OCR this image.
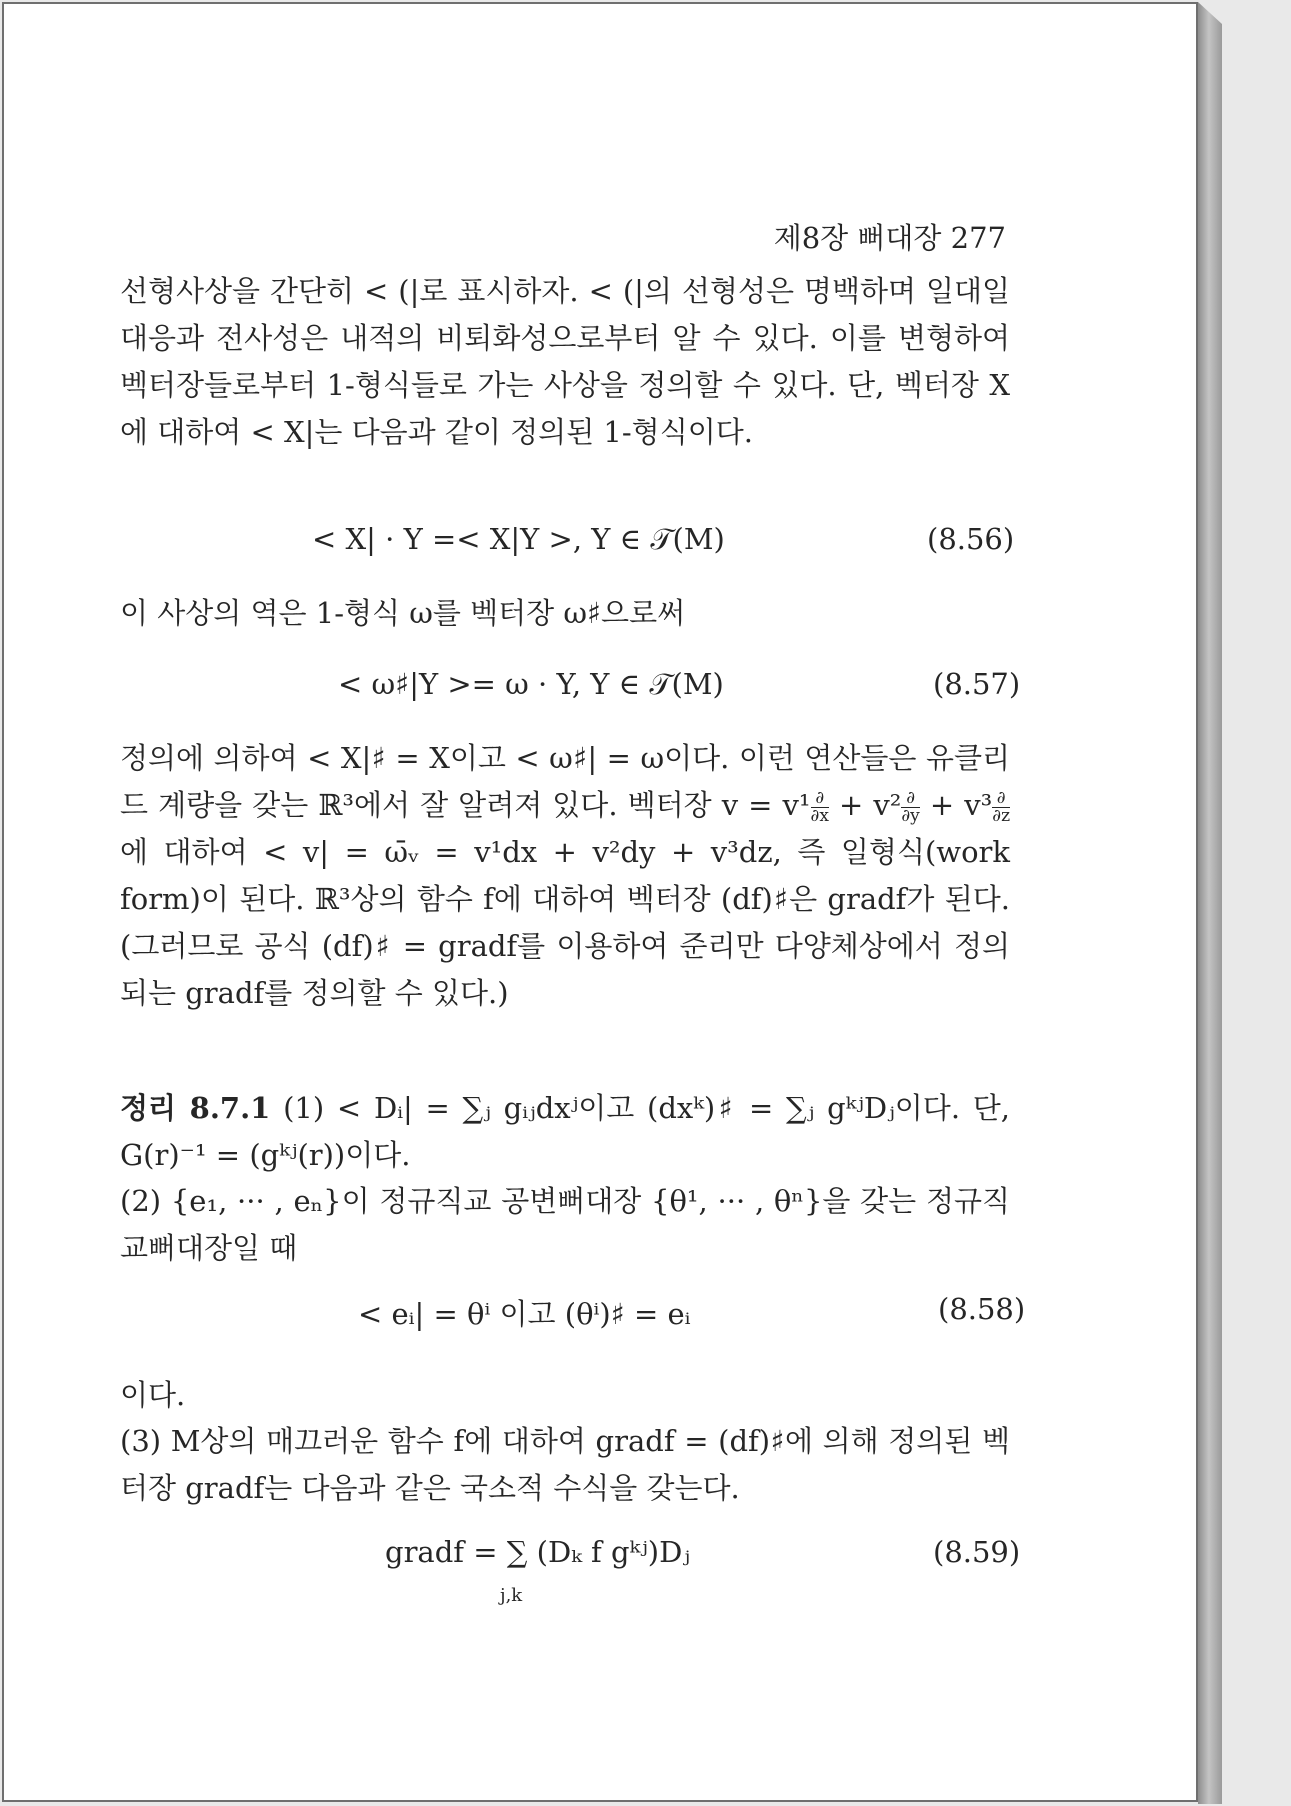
제8장 뻐대장 277

선형사상을 간단히 < (|로 표시하자. < (|의 선형성은 명백하며 일대일 대응과 전사성은 내적의 비퇴화성으로부터 알 수 있다. 이를 변형하여 벡터장들로부터 1-형식들로 가는 사상을 정의할 수 있다. 단, 벡터장 X에 대하여 < X|는 다음과 같이 정의된 1-형식이다.

< X| · Y =< X|Y >, Y ∈ 𝒯(M)	(8.56)

이 사상의 역은 1-형식 ω를 벡터장 ω♯으로써

< ω♯|Y >= ω · Y, Y ∈ 𝒯(M)	(8.57)

정의에 의하여 < X|♯ = X이고 < ω♯| = ω이다. 이런 연산들은 유클리드 계량을 갖는 ℝ³에서 잘 알려져 있다. 벡터장 $v = v^1 \frac{\partial}{\partial x} + v^2 \frac{\partial}{\partial y} + v^3 \frac{\partial}{\partial z}$
에 대하여 < v| = ω̄ᵥ = v¹dx + v²dy + v³dz, 즉 일형식(work form)이 된다. ℝ³상의 함수 f에 대하여 벡터장 (df)♯은 gradf가 된다. (그러므로 공식 (df)♯ = gradf를 이용하여 준리만 다양체상에서 정의되는 gradf를 정의할 수 있다.)

정리 8.7.1 (1) < Dᵢ| = ∑ⱼ gᵢⱼdxʲ이고 (dxᵏ)♯ = ∑ⱼ gᵏʲDⱼ이다. 단, G(r)⁻¹ = (gᵏʲ(r))이다.

(2) {e₁, ··· , eₙ}이 정규직교 공변뻐대장 {θ¹, ··· , θⁿ}을 갖는 정규직교뻐대장일 때

< eᵢ| = θⁱ 이고 (θⁱ)♯ = eᵢ	(8.58)

이다.

(3) M상의 매끄러운 함수 f에 대하여 gradf = (df)♯에 의해 정의된 벡터장 gradf는 다음과 같은 국소적 수식을 갖는다.

gradf = ∑ (Dₖ f gᵏʲ)Dⱼ
j,k
(8.59)
